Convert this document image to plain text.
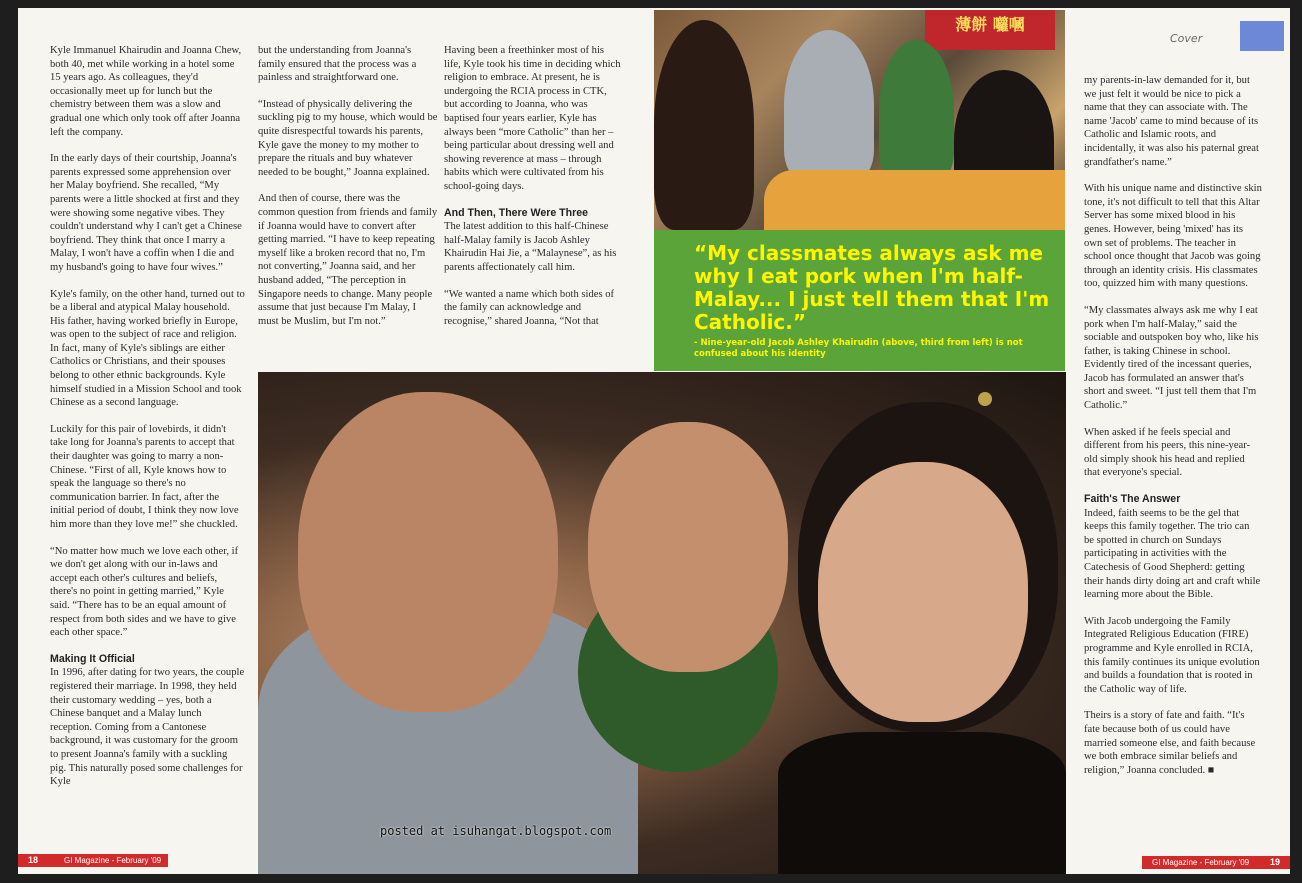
Kyle Immanuel Khairudin and Joanna Chew, both 40, met while working in a hotel some 15 years ago. As colleagues, they'd occasionally meet up for lunch but the chemistry between them was a slow and gradual one which only took off after Joanna left the company.

In the early days of their courtship, Joanna's parents expressed some apprehension over her Malay boyfriend. She recalled, “My parents were a little shocked at first and they were showing some negative vibes. They couldn't understand why I can't get a Chinese boyfriend. They think that once I marry a Malay, I won't have a coffin when I die and my husband's going to have four wives.”

Kyle's family, on the other hand, turned out to be a liberal and atypical Malay household. His father, having worked briefly in Europe, was open to the subject of race and religion. In fact, many of Kyle's siblings are either Catholics or Christians, and their spouses belong to other ethnic backgrounds. Kyle himself studied in a Mission School and took Chinese as a second language.

Luckily for this pair of lovebirds, it didn't take long for Joanna's parents to accept that their daughter was going to marry a non-Chinese. “First of all, Kyle knows how to speak the language so there's no communication barrier. In fact, after the initial period of doubt, I think they now love him more than they love me!” she chuckled.

“No matter how much we love each other, if we don't get along with our in-laws and accept each other's cultures and beliefs, there's no point in getting married,” Kyle said. “There has to be an equal amount of respect from both sides and we have to give each other space.”

Making It Official

In 1996, after dating for two years, the couple registered their marriage. In 1998, they held their customary wedding – yes, both a Chinese banquet and a Malay lunch reception. Coming from a Cantonese background, it was customary for the groom to present Joanna's family with a suckling pig. This naturally posed some challenges for Kyle

but the understanding from Joanna's family ensured that the process was a painless and straightforward one.

“Instead of physically delivering the suckling pig to my house, which would be quite disrespectful towards his parents, Kyle gave the money to my mother to prepare the rituals and buy whatever needed to be bought,” Joanna explained.

And then of course, there was the common question from friends and family if Joanna would have to convert after getting married. “I have to keep repeating myself like a broken record that no, I'm not converting,” Joanna said, and her husband added, “The perception in Singapore needs to change. Many people assume that just because I'm Malay, I must be Muslim, but I'm not.”

Having been a freethinker most of his life, Kyle took his time in deciding which religion to embrace. At present, he is undergoing the RCIA process in CTK, but according to Joanna, who was baptised four years earlier, Kyle has always been “more Catholic” than her – being particular about dressing well and showing reverence at mass – through habits which were cultivated from his school-going days.

And Then, There Were Three

The latest addition to this half-Chinese half-Malay family is Jacob Ashley Khairudin Hai Jie, a “Malaynese”, as his parents affectionately call him.

“We wanted a name which both sides of the family can acknowledge and recognise,” shared Joanna, “Not that

薄餅 囖嘓
“My classmates always ask me why I eat pork when I'm half-Malay... I just tell them that I'm Catholic.”
- Nine-year-old Jacob Ashley Khairudin (above, third from left) is not confused about his identity

my parents-in-law demanded for it, but we just felt it would be nice to pick a name that they can associate with. The name 'Jacob' came to mind because of its Catholic and Islamic roots, and incidentally, it was also his paternal great grandfather's name.”

With his unique name and distinctive skin tone, it's not difficult to tell that this Altar Server has some mixed blood in his genes. However, being 'mixed' has its own set of problems. The teacher in school once thought that Jacob was going through an identity crisis. His classmates too, quizzed him with many questions.

“My classmates always ask me why I eat pork when I'm half-Malay,” said the sociable and outspoken boy who, like his father, is taking Chinese in school. Evidently tired of the incessant queries, Jacob has formulated an answer that's short and sweet. “I just tell them that I'm Catholic.”

When asked if he feels special and different from his peers, this nine-year-old simply shook his head and replied that everyone's special.

Faith's The Answer

Indeed, faith seems to be the gel that keeps this family together. The trio can be spotted in church on Sundays participating in activities with the Catechesis of Good Shepherd: getting their hands dirty doing art and craft while learning more about the Bible.

With Jacob undergoing the Family Integrated Religious Education (FIRE) programme and Kyle enrolled in RCIA, this family continues its unique evolution and builds a foundation that is rooted in the Catholic way of life.

Theirs is a story of fate and faith. “It's fate because both of us could have married someone else, and faith because we both embrace similar beliefs and religion,” Joanna concluded. ■

Cover
18	GI Magazine - February '09	GI Magazine - February '09 19
posted at isuhangat.blogspot.com
